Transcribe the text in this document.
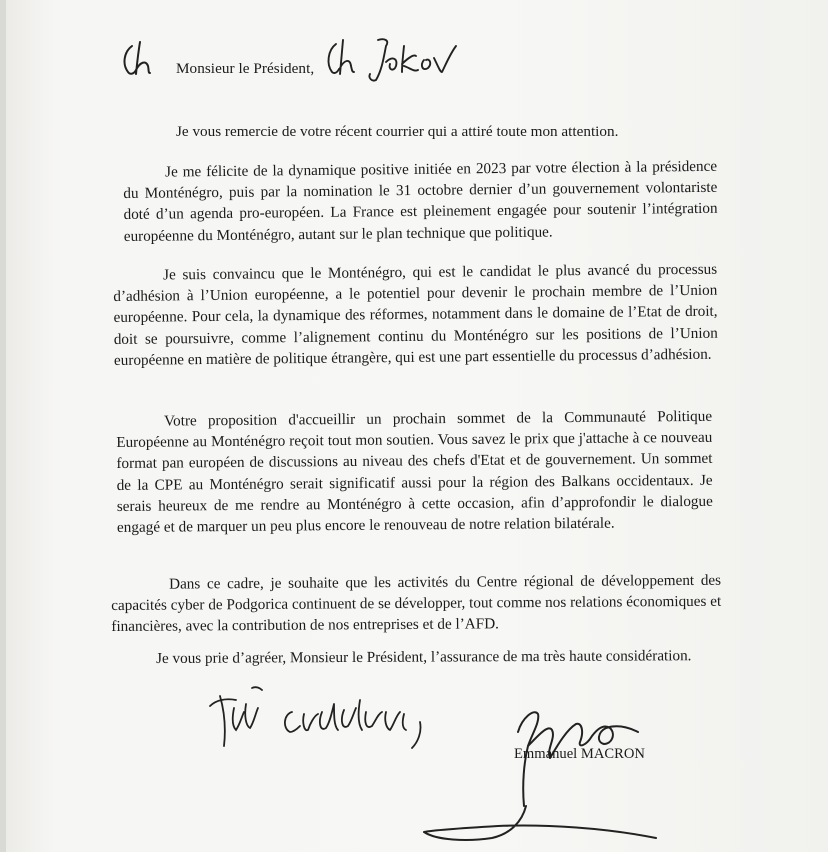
Monsieur le Président,

Je vous remercie de votre récent courrier qui a attiré toute mon attention.

Je me félicite de la dynamique positive initiée en 2023 par votre élection à la présidence du Monténégro, puis par la nomination le 31 octobre dernier d’un gouvernement volontariste doté d’un agenda pro-européen. La France est pleinement engagée pour soutenir l’intégration européenne du Monténégro, autant sur le plan technique que politique.

Je suis convaincu que le Monténégro, qui est le candidat le plus avancé du processus d’adhésion à l’Union européenne, a le potentiel pour devenir le prochain membre de l’Union européenne. Pour cela, la dynamique des réformes, notamment dans le domaine de l’Etat de droit, doit se poursuivre, comme l’alignement continu du Monténégro sur les positions de l’Union européenne en matière de politique étrangère, qui est une part essentielle du processus d’adhésion.

Votre proposition d'accueillir un prochain sommet de la Communauté Politique Européenne au Monténégro reçoit tout mon soutien. Vous savez le prix que j'attache à ce nouveau format pan européen de discussions au niveau des chefs d'Etat et de gouvernement. Un sommet de la CPE au Monténégro serait significatif aussi pour la région des Balkans occidentaux. Je serais heureux de me rendre au Monténégro à cette occasion, afin d’approfondir le dialogue engagé et de marquer un peu plus encore le renouveau de notre relation bilatérale.

Dans ce cadre, je souhaite que les activités du Centre régional de développement des capacités cyber de Podgorica continuent de se développer, tout comme nos relations économiques et financières, avec la contribution de nos entreprises et de l’AFD.

Je vous prie d’agréer, Monsieur le Président, l’assurance de ma très haute considération.

Emmanuel MACRON
